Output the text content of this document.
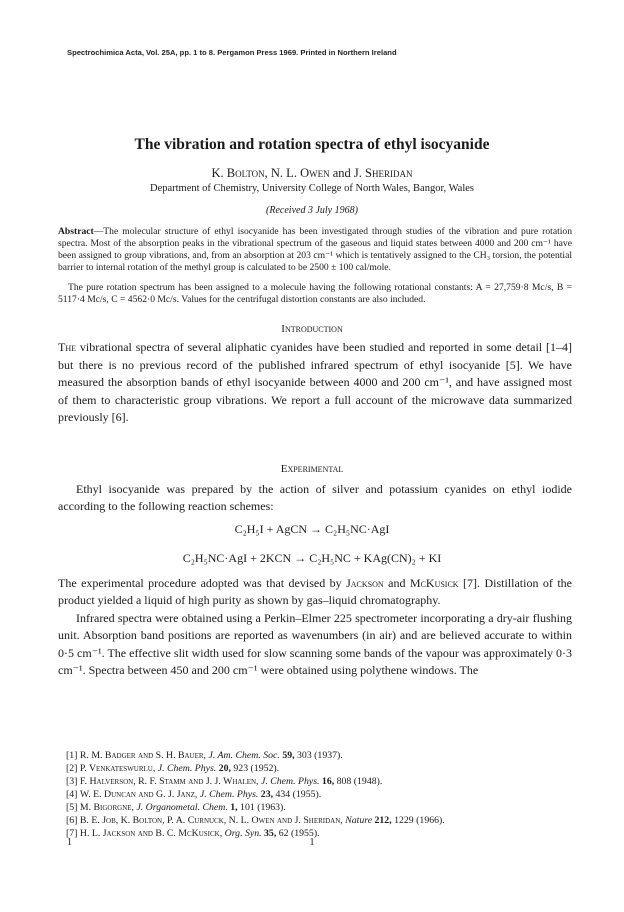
Spectrochimica Acta, Vol. 25A, pp. 1 to 8. Pergamon Press 1969. Printed in Northern Ireland
The vibration and rotation spectra of ethyl isocyanide
K. Bolton, N. L. Owen and J. Sheridan
Department of Chemistry, University College of North Wales, Bangor, Wales
(Received 3 July 1968)

Abstract—The molecular structure of ethyl isocyanide has been investigated through studies of the vibration and pure rotation spectra. Most of the absorption peaks in the vibrational spectrum of the gaseous and liquid states between 4000 and 200 cm⁻¹ have been assigned to group vibrations, and, from an absorption at 203 cm⁻¹ which is tentatively assigned to the CH₃ torsion, the potential barrier to internal rotation of the methyl group is calculated to be 2500 ± 100 cal/mole.

The pure rotation spectrum has been assigned to a molecule having the following rotational constants: A = 27,759·8 Mc/s, B = 5117·4 Mc/s, C = 4562·0 Mc/s. Values for the centrifugal distortion constants are also included.

Introduction
The vibrational spectra of several aliphatic cyanides have been studied and reported in some detail [1–4] but there is no previous record of the published infrared spectrum of ethyl isocyanide [5]. We have measured the absorption bands of ethyl isocyanide between 4000 and 200 cm⁻¹, and have assigned most of them to characteristic group vibrations. We report a full account of the microwave data summarized previously [6].
Experimental
Ethyl isocyanide was prepared by the action of silver and potassium cyanides on ethyl iodide according to the following reaction schemes:
C₂H₅I + AgCN → C₂H₅NC·AgI
C₂H₅NC·AgI + 2KCN → C₂H₅NC + KAg(CN)₂ + KI

The experimental procedure adopted was that devised by Jackson and McKusick [7]. Distillation of the product yielded a liquid of high purity as shown by gas–liquid chromatography.

Infrared spectra were obtained using a Perkin–Elmer 225 spectrometer incorporating a dry-air flushing unit. Absorption band positions are reported as wavenumbers (in air) and are believed accurate to within 0·5 cm⁻¹. The effective slit width used for slow scanning some bands of the vapour was approximately 0·3 cm⁻¹. Spectra between 450 and 200 cm⁻¹ were obtained using polythene windows. The

[1] R. M. Badger and S. H. Bauer, J. Am. Chem. Soc. 59, 303 (1937).

[2] P. Venkateswurlu, J. Chem. Phys. 20, 923 (1952).

[3] F. Halverson, R. F. Stamm and J. J. Whalen, J. Chem. Phys. 16, 808 (1948).

[4] W. E. Duncan and G. J. Janz, J. Chem. Phys. 23, 434 (1955).

[5] M. Bigorgne, J. Organometal. Chem. 1, 101 (1963).

[6] B. E. Job, K. Bolton, P. A. Curnuck, N. L. Owen and J. Sheridan, Nature 212, 1229 (1966).

[7] H. L. Jackson and B. C. McKusick, Org. Syn. 35, 62 (1955).

1	1
